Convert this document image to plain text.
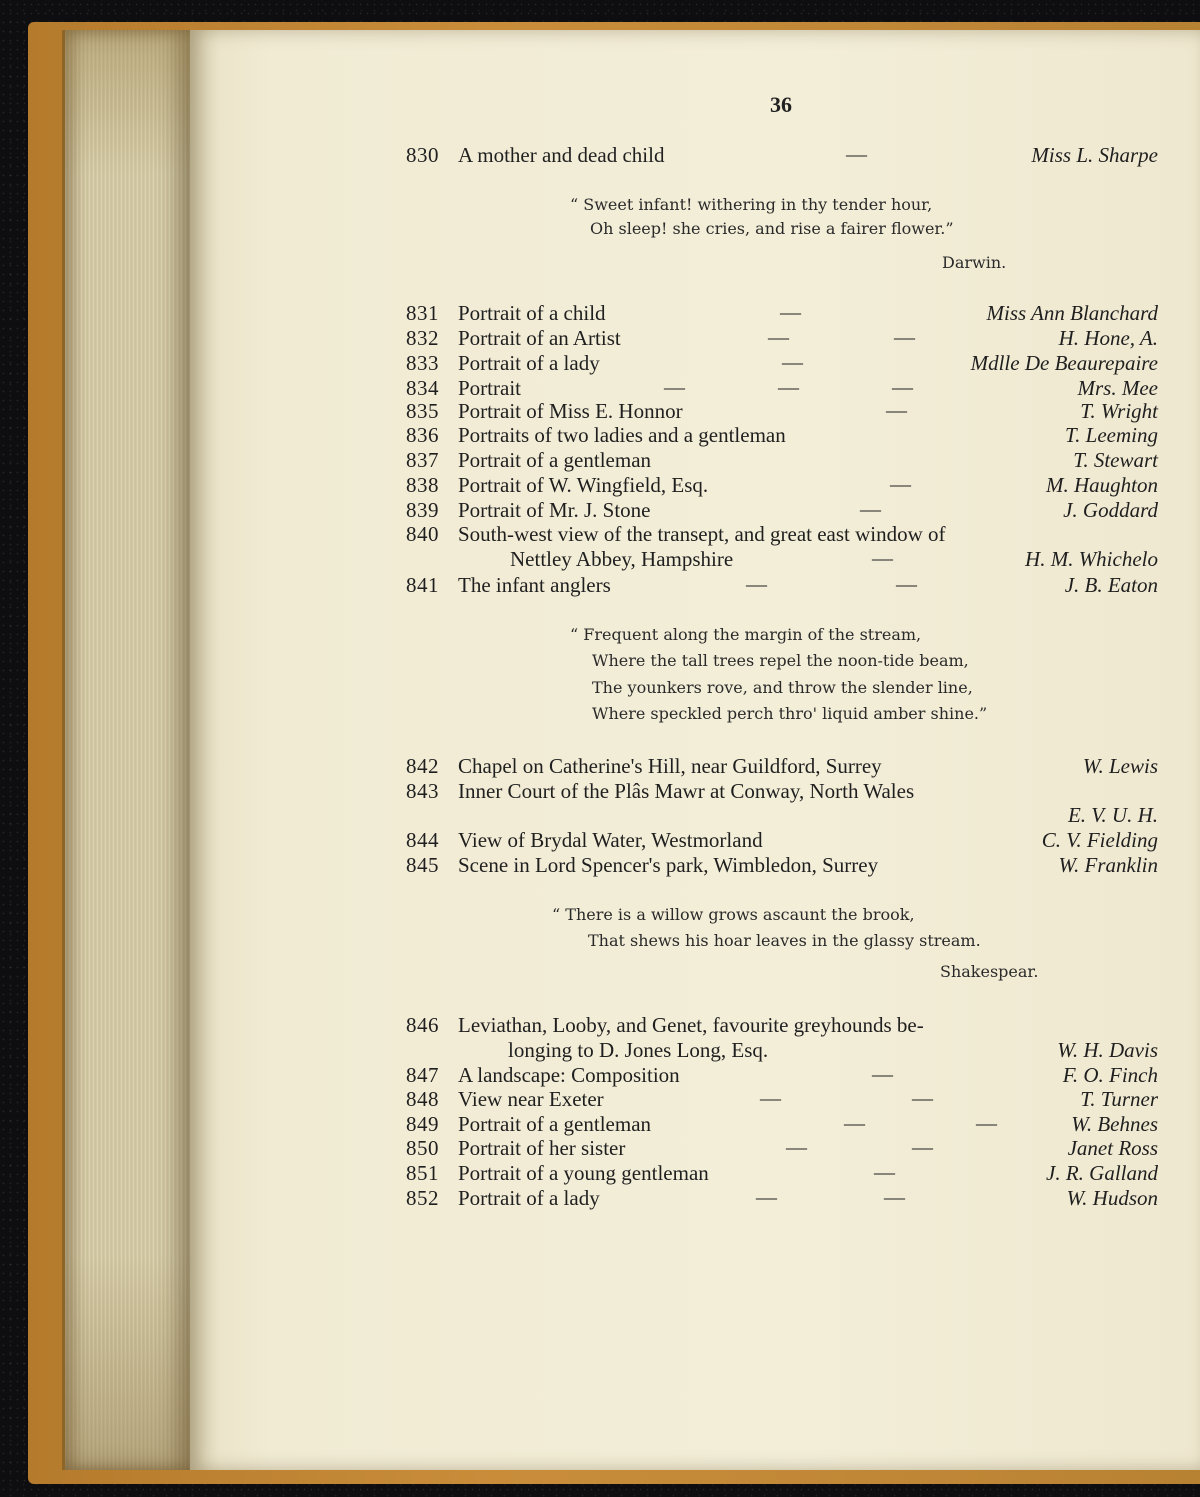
36
830 A mother and dead child	—	Miss L. Sharpe
“ Sweet infant! withering in thy tender hour,
Oh sleep! she cries, and rise a fairer flower.”
Darwin.
831 Portrait of a child	—	Miss Ann Blanchard
832 Portrait of an Artist	—	—	H. Hone, A.
833 Portrait of a lady	—	Mdlle De Beaurepaire
834 Portrait	—	—	—	Mrs. Mee
835 Portrait of Miss E. Honnor	—	T. Wright
836 Portraits of two ladies and a gentleman	T. Leeming
837 Portrait of a gentleman	T. Stewart
838 Portrait of W. Wingfield, Esq.	—	M. Haughton
839 Portrait of Mr. J. Stone	—	J. Goddard
840 South-west view of the transept, and great east window of
Nettley Abbey, Hampshire	—	H. M. Whichelo
841 The infant anglers	—	—	J. B. Eaton
“ Frequent along the margin of the stream,
Where the tall trees repel the noon-tide beam,
The younkers rove, and throw the slender line,
Where speckled perch thro' liquid amber shine.”
842 Chapel on Catherine's Hill, near Guildford, Surrey	W. Lewis
843 Inner Court of the Plâs Mawr at Conway, North Wales
E. V. U. H.
844 View of Brydal Water, Westmorland	C. V. Fielding
845 Scene in Lord Spencer's park, Wimbledon, Surrey	W. Franklin
“ There is a willow grows ascaunt the brook,
That shews his hoar leaves in the glassy stream.
Shakespear.
846 Leviathan, Looby, and Genet, favourite greyhounds be-
longing to D. Jones Long, Esq.	W. H. Davis
847 A landscape: Composition	—	F. O. Finch
848 View near Exeter	—	—	T. Turner
849 Portrait of a gentleman	—	—	W. Behnes
850 Portrait of her sister	—	—	Janet Ross
851 Portrait of a young gentleman	—	J. R. Galland
852 Portrait of a lady	—	—	W. Hudson
